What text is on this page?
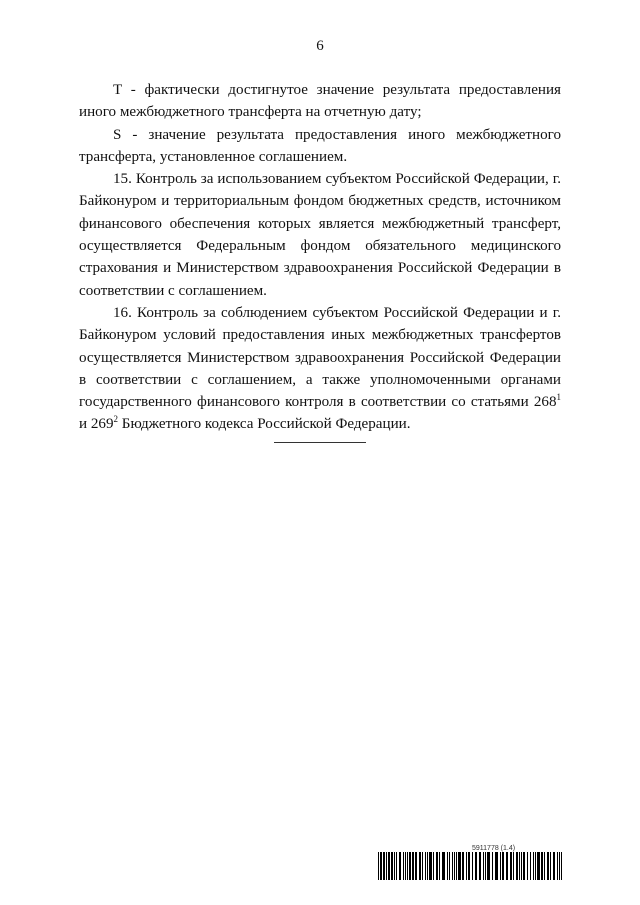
6

T - фактически достигнутое значение результата предоставления иного межбюджетного трансферта на отчетную дату;

S - значение результата предоставления иного межбюджетного трансферта, установленное соглашением.

15. Контроль за использованием субъектом Российской Федерации, г. Байконуром и территориальным фондом бюджетных средств, источником финансового обеспечения которых является межбюджетный трансферт, осуществляется Федеральным фондом обязательного медицинского страхования и Министерством здравоохранения Российской Федерации в соответствии с соглашением.

16. Контроль за соблюдением субъектом Российской Федерации и г. Байконуром условий предоставления иных межбюджетных трансфертов осуществляется Министерством здравоохранения Российской Федерации в соответствии с соглашением, а также уполномоченными органами государственного финансового контроля в соответствии со статьями $268^1$ и $269^2$ Бюджетного кодекса Российской Федерации.

5911778 (1.4)
